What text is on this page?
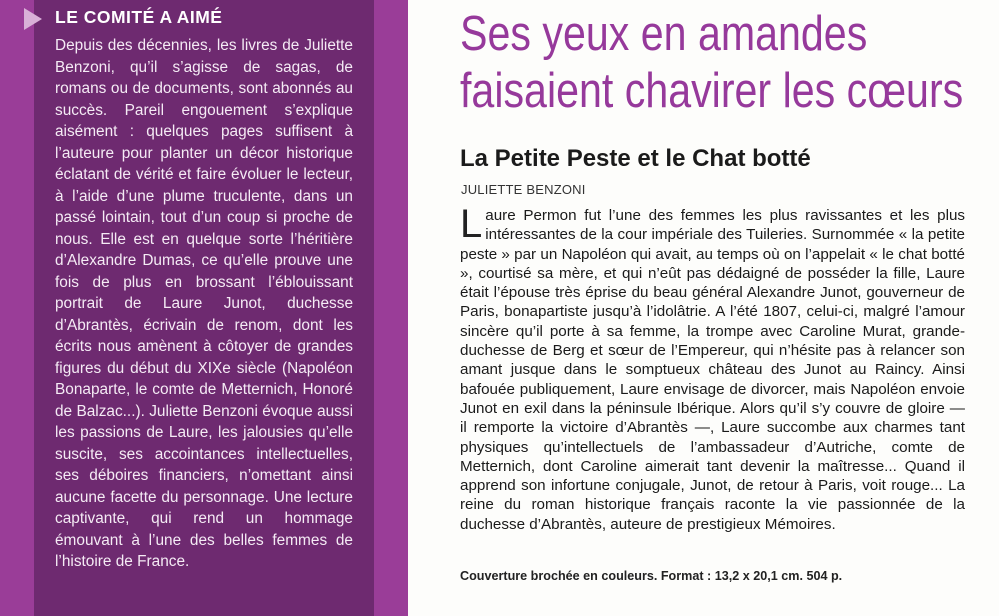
LE COMITÉ A AIMÉ
Depuis des décennies, les livres de Juliette Benzoni, qu’il s’agisse de sagas, de romans ou de documents, sont abonnés au succès. Pareil engouement s’explique aisément : quelques pages suffisent à l’auteure pour planter un décor historique éclatant de vérité et faire évoluer le lecteur, à l’aide d’une plume truculente, dans un passé lointain, tout d’un coup si proche de nous. Elle est en quelque sorte l’héritière d’Alexandre Dumas, ce qu’elle prouve une fois de plus en brossant l’éblouissant portrait de Laure Junot, duchesse d’Abrantès, écrivain de renom, dont les écrits nous amènent à côtoyer de grandes figures du début du XIXe siècle (Napoléon Bonaparte, le comte de Metternich, Honoré de Balzac...). Juliette Benzoni évoque aussi les passions de Laure, les jalousies qu’elle suscite, ses accointances intellectuelles, ses déboires financiers, n’omettant ainsi aucune facette du personnage. Une lecture captivante, qui rend un hommage émouvant à l’une des belles femmes de l’histoire de France.
Ses yeux en amandes
faisaient chavirer les cœurs
La Petite Peste et le Chat botté
JULIETTE BENZONI
L aure Permon fut l’une des femmes les plus ravissantes et les plus intéressantes de la cour impériale des Tuileries. Surnommée « la petite peste » par un Napoléon qui avait, au temps où on l’appelait « le chat botté », courtisé sa mère, et qui n’eût pas dédaigné de posséder la fille, Laure était l’épouse très éprise du beau général Alexandre Junot, gouverneur de Paris, bonapartiste jusqu’à l’idolâtrie. A l’été 1807, celui-ci, malgré l’amour sincère qu’il porte à sa femme, la trompe avec Caroline Murat, grande-duchesse de Berg et sœur de l’Empereur, qui n’hésite pas à relancer son amant jusque dans le somptueux château des Junot au Raincy. Ainsi bafouée publiquement, Laure envisage de divorcer, mais Napoléon envoie Junot en exil dans la péninsule Ibérique. Alors qu’il s’y couvre de gloire — il remporte la victoire d’Abrantès —, Laure succombe aux charmes tant physiques qu’intellectuels de l’ambassadeur d’Autriche, comte de Metternich, dont Caroline aimerait tant devenir la maîtresse... Quand il apprend son infortune conjugale, Junot, de retour à Paris, voit rouge... La reine du roman historique français raconte la vie passionnée de la duchesse d’Abrantès, auteure de prestigieux Mémoires.
Couverture brochée en couleurs. Format : 13,2 x 20,1 cm. 504 p.
